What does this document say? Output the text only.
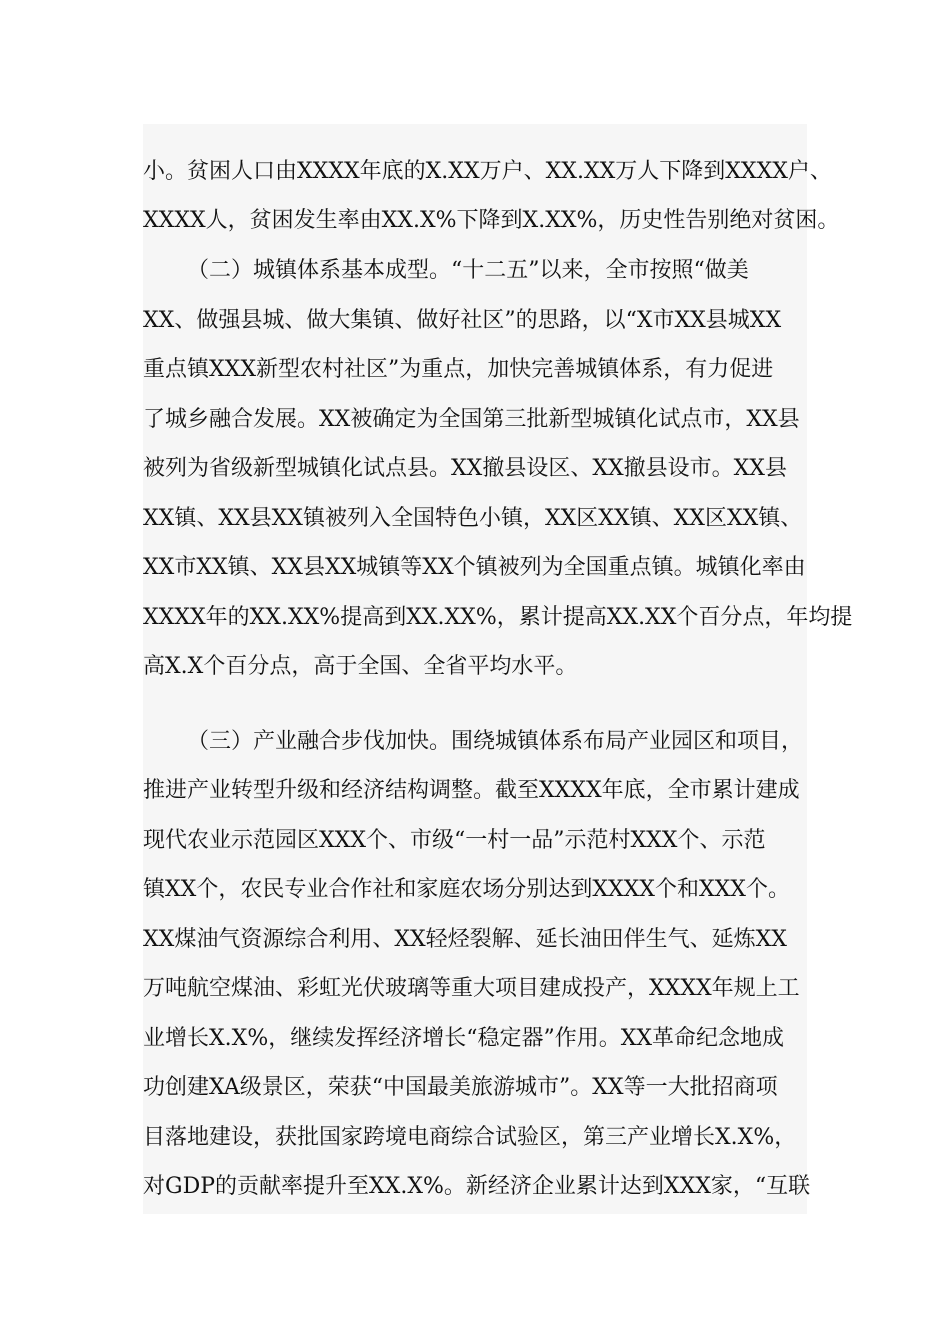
小。贫困人口由XXXX年底的X.XX万户、XX.XX万人下降到XXXX户、
XXXX人，贫困发生率由XX.X%下降到X.XX%，历史性告别绝对贫困。
（二）城镇体系基本成型。“十二五”以来，全市按照“做美
XX、做强县城、做大集镇、做好社区”的思路，以“X市XX县城XX
重点镇XXX新型农村社区”为重点，加快完善城镇体系，有力促进
了城乡融合发展。XX被确定为全国第三批新型城镇化试点市，XX县
被列为省级新型城镇化试点县。XX撤县设区、XX撤县设市。XX县
XX镇、XX县XX镇被列入全国特色小镇，XX区XX镇、XX区XX镇、
XX市XX镇、XX县XX城镇等XX个镇被列为全国重点镇。城镇化率由
XXXX年的XX.XX%提高到XX.XX%，累计提高XX.XX个百分点，年均提
高X.X个百分点，高于全国、全省平均水平。
（三）产业融合步伐加快。围绕城镇体系布局产业园区和项目，
推进产业转型升级和经济结构调整。截至XXXX年底，全市累计建成
现代农业示范园区XXX个、市级“一村一品”示范村XXX个、示范
镇XX个，农民专业合作社和家庭农场分别达到XXXX个和XXX个。
XX煤油气资源综合利用、XX轻烃裂解、延长油田伴生气、延炼XX
万吨航空煤油、彩虹光伏玻璃等重大项目建成投产，XXXX年规上工
业增长X.X%，继续发挥经济增长“稳定器”作用。XX革命纪念地成
功创建XA级景区，荣获“中国最美旅游城市”。XX等一大批招商项
目落地建设，获批国家跨境电商综合试验区，第三产业增长X.X%，
对GDP的贡献率提升至XX.X%。新经济企业累计达到XXX家，“互联
